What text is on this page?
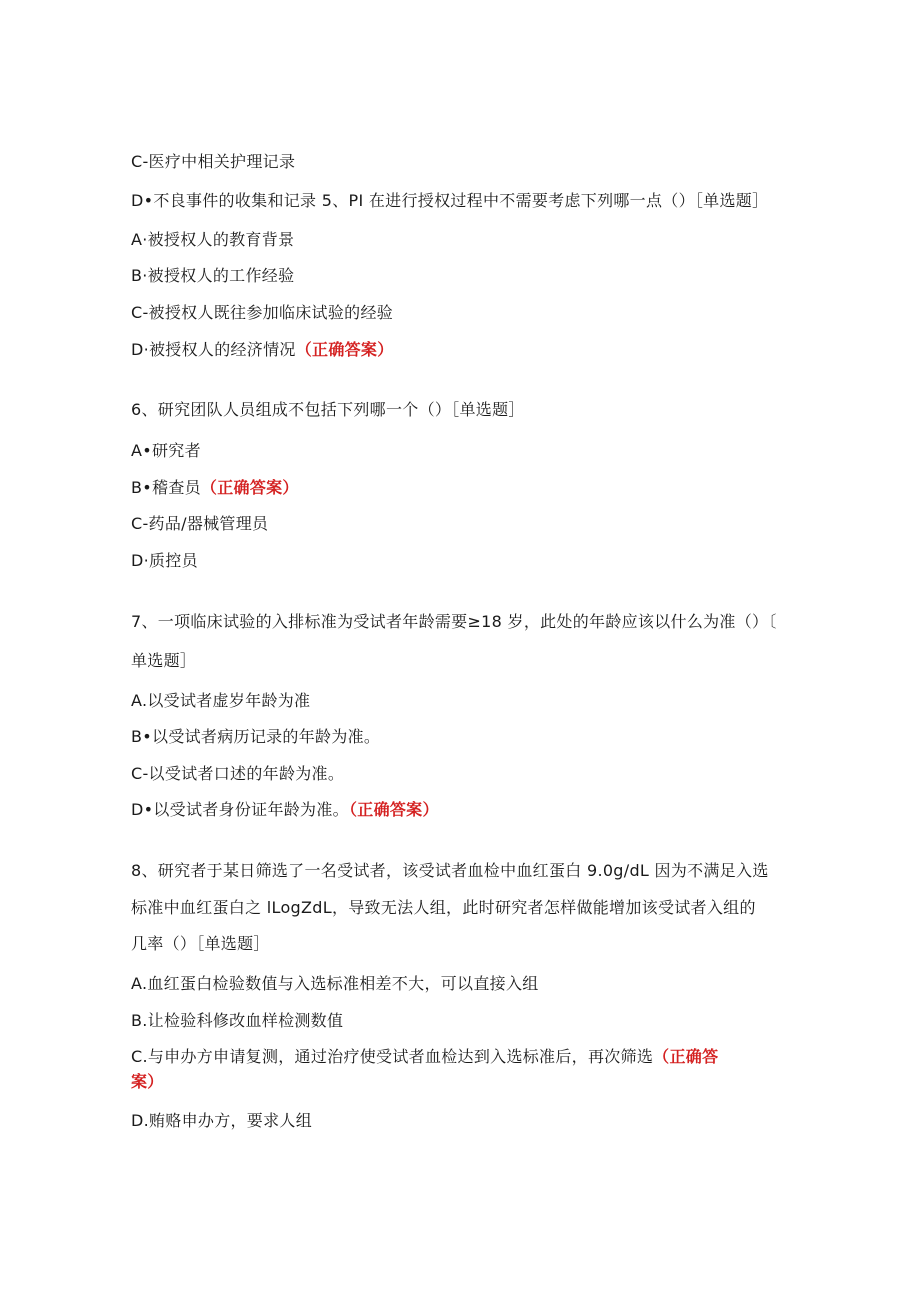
C-医疗中相关护理记录
D•不良事件的收集和记录 5、PI 在进行授权过程中不需要考虑下列哪一点（）［单选题］
A·被授权人的教育背景
B·被授权人的工作经验
C-被授权人既往参加临床试验的经验
D·被授权人的经济情况（正确答案）
6、研究团队人员组成不包括下列哪一个（）［单选题］
A•研究者
B•稽查员（正确答案）
C-药品/器械管理员
D·质控员
7、一项临床试验的入排标准为受试者年龄需要≥18 岁，此处的年龄应该以什么为准（）〔
单选题］
A.以受试者虚岁年龄为准
B•以受试者病历记录的年龄为准。
C-以受试者口述的年龄为准。
D•以受试者身份证年龄为准。（正确答案）
8、研究者于某日筛选了一名受试者，该受试者血检中血红蛋白 9.0g∕dL 因为不满足入选
标准中血红蛋白之 lLogZdL，导致无法人组，此时研究者怎样做能增加该受试者入组的
几率（）［单选题］
A.血红蛋白检验数值与入选标准相差不大，可以直接入组
B.让检验科修改血样检测数值
C.与申办方申请复测，通过治疗使受试者血检达到入选标准后，再次筛选（正确答
案）
D.贿赂申办方，要求人组
